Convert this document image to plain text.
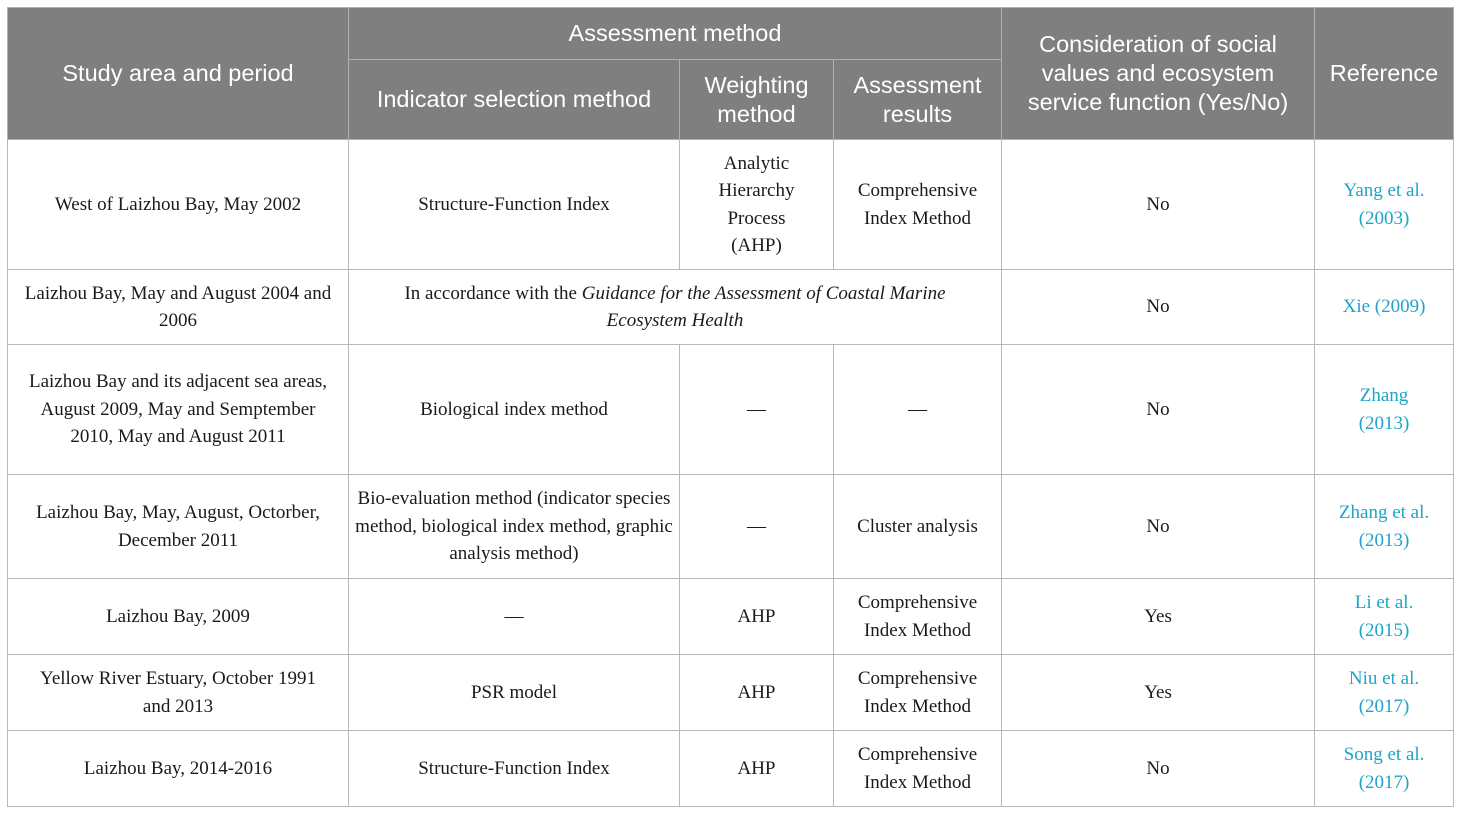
Study area and period	Assessment method			Consideration of social values and ecosystem service function (Yes/No)	Reference
	Indicator selection method	Weighting method	Assessment results		
West of Laizhou Bay, May 2002	Structure-Function Index	Analytic Hierarchy Process (AHP)	Comprehensive Index Method	No	Yang et al. (2003)
Laizhou Bay, May and August 2004 and 2006	In accordance with the Guidance for the Assessment of Coastal Marine Ecosystem Health			No	Xie (2009)
Laizhou Bay and its adjacent sea areas, August 2009, May and Semptember 2010, May and August 2011	Biological index method	—	—	No	Zhang (2013)
Laizhou Bay, May, August, Octorber, December 2011	Bio-evaluation method (indicator species method, biological index method, graphic analysis method)	—	Cluster analysis	No	Zhang et al. (2013)
Laizhou Bay, 2009	—	AHP	Comprehensive Index Method	Yes	Li et al. (2015)
Yellow River Estuary, October 1991 and 2013	PSR model	AHP	Comprehensive Index Method	Yes	Niu et al. (2017)
Laizhou Bay, 2014-2016	Structure-Function Index	AHP	Comprehensive Index Method	No	Song et al. (2017)
